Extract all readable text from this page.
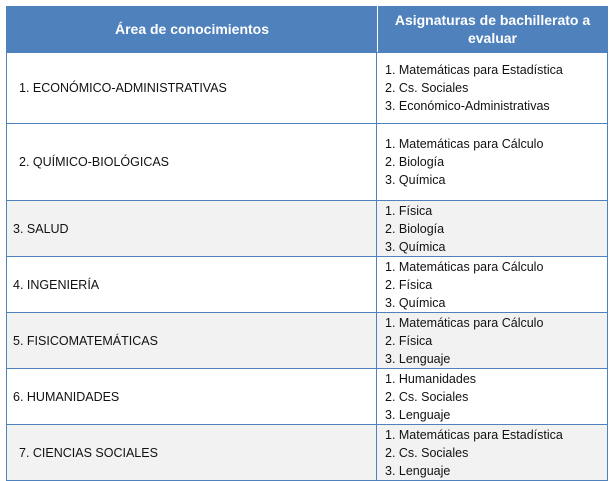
Área de conocimientos
Asignaturas de bachillerato a evaluar
1. ECONÓMICO-ADMINISTRATIVAS
1. Matemáticas para Estadística
2. Cs. Sociales
3. Económico-Administrativas
2. QUÍMICO-BIOLÓGICAS
1. Matemáticas para Cálculo
2. Biología
3. Química
3. SALUD
1. Física
2. Biología
3. Química
4. INGENIERÍA
1. Matemáticas para Cálculo
2. Física
3. Química
5. FISICOMATEMÁTICAS
1. Matemáticas para Cálculo
2. Física
3. Lenguaje
6. HUMANIDADES
1. Humanidades
2. Cs. Sociales
3. Lenguaje
7. CIENCIAS SOCIALES
1. Matemáticas para Estadística
2. Cs. Sociales
3. Lenguaje
